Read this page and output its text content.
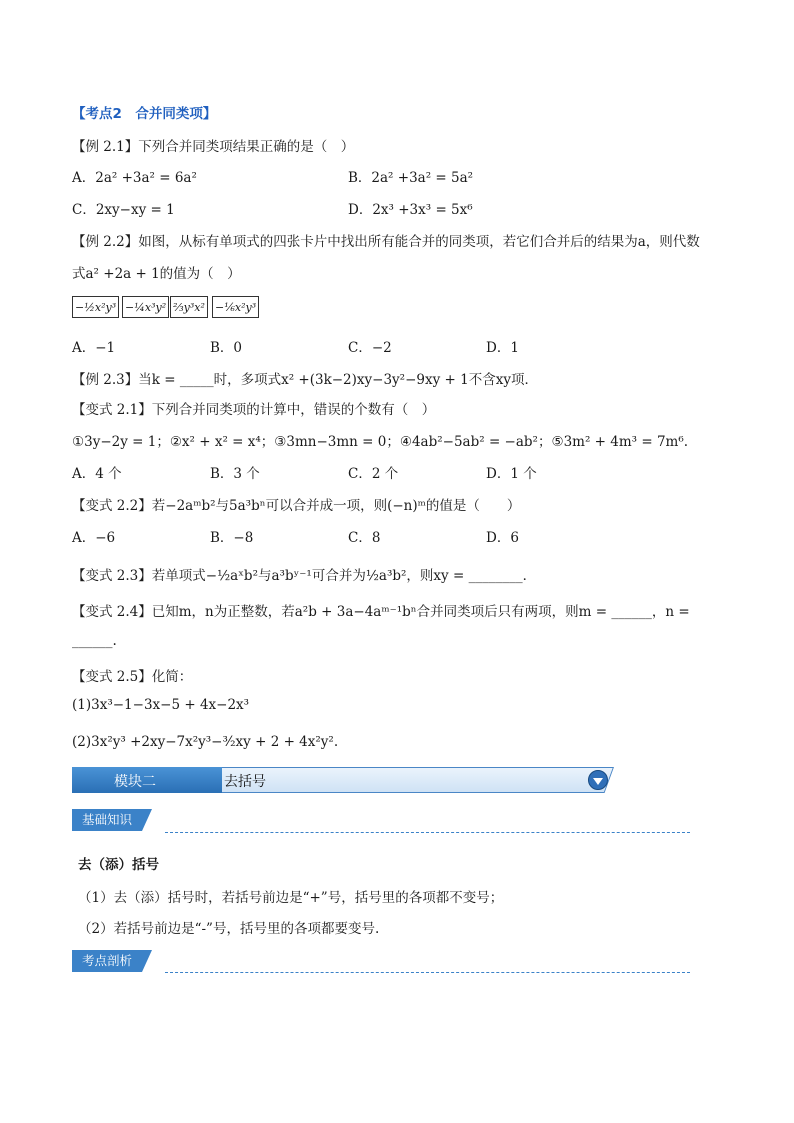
【考点2　合并同类项】
【例 2.1】下列合并同类项结果正确的是（　）
A．2a² +3a² = 6a²	B．2a² +3a² = 5a²
C．2xy−xy = 1	D．2x³ +3x³ = 5x⁶
【例 2.2】如图，从标有单项式的四张卡片中找出所有能合并的同类项，若它们合并后的结果为a，则代数
式a² +2a + 1的值为（　）
−½x²y³ −¼x³y² ⅔y³x² −⅙x²y³
A．−1	B．0	C．−2	D．1
【例 2.3】当k = _____时，多项式x² +(3k−2)xy−3y²−9xy + 1不含xy项．
【变式 2.1】下列合并同类项的计算中，错误的个数有（　）
①3y−2y = 1；②x² + x² = x⁴；③3mn−3mn = 0；④4ab²−5ab² = −ab²；⑤3m² + 4m³ = 7m⁶.
A．4 个	B．3 个	C．2 个	D．1 个
【变式 2.2】若−2aᵐb²与5a³bⁿ可以合并成一项，则(−n)ᵐ的值是（　　）
A．−6	B．−8	C．8	D．6
【变式 2.3】若单项式−½aˣb²与a³bʸ⁻¹可合并为½a³b²，则xy = ________．
【变式 2.4】已知m，n为正整数，若a²b + 3a−4aᵐ⁻¹bⁿ合并同类项后只有两项，则m = ______，n =
______.
【变式 2.5】化简：
(1)3x³−1−3x−5 + 4x−2x³
(2)3x²y³ +2xy−7x²y³−³⁄₂xy + 2 + 4x²y².
模块二	去括号
基础知识
去（添）括号
（1）去（添）括号时，若括号前边是“+”号，括号里的各项都不变号；
（2）若括号前边是“-”号，括号里的各项都要变号.
考点剖析
